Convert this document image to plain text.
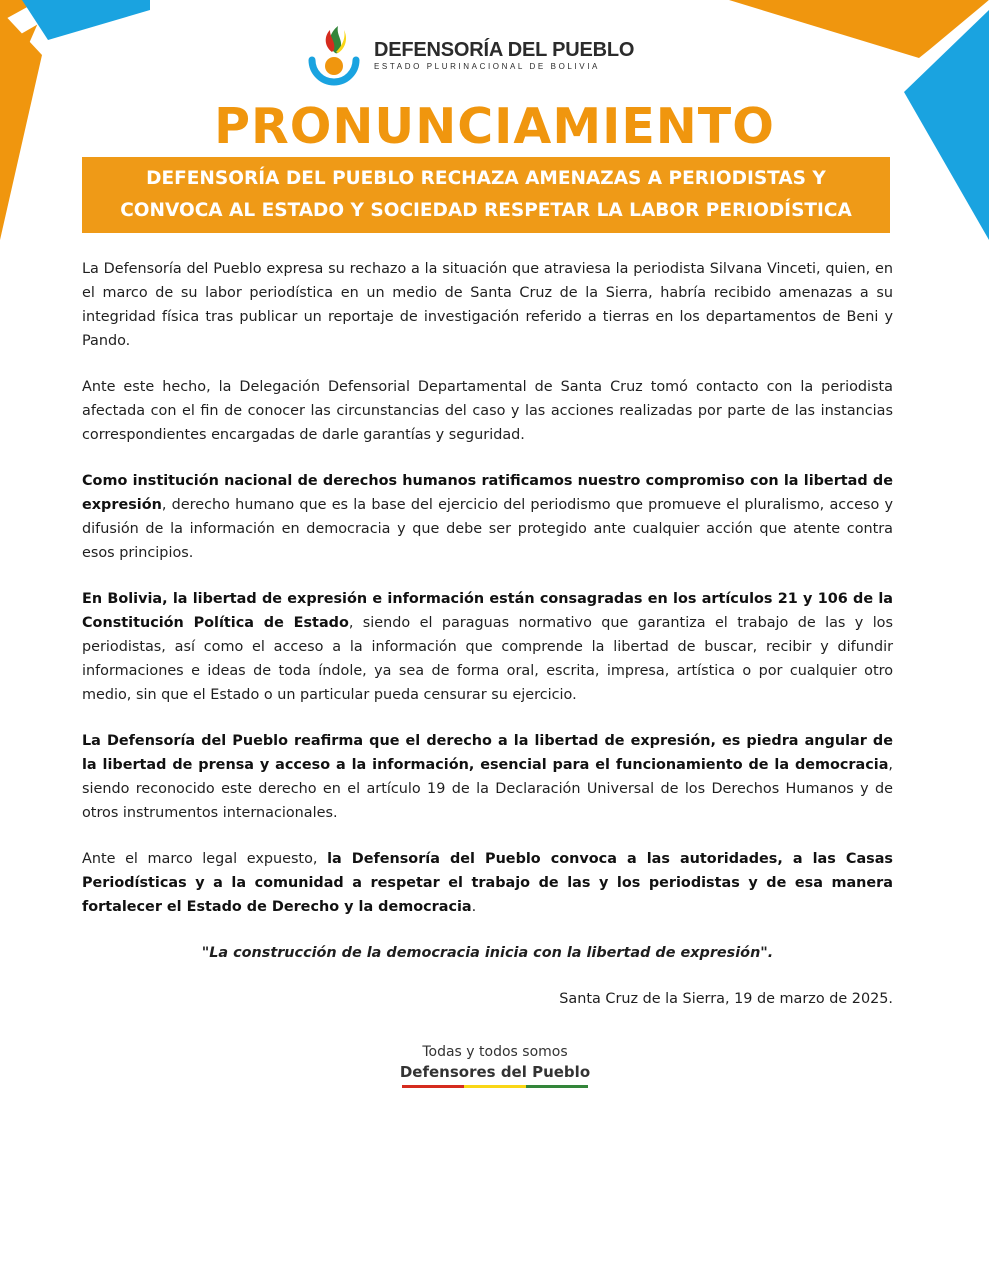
DEFENSORÍA DEL PUEBLO
ESTADO PLURINACIONAL DE BOLIVIA
PRONUNCIAMIENTO
DEFENSORÍA DEL PUEBLO RECHAZA AMENAZAS A PERIODISTAS Y
CONVOCA AL ESTADO Y SOCIEDAD RESPETAR LA LABOR PERIODÍSTICA

La Defensoría del Pueblo expresa su rechazo a la situación que atraviesa la periodista Silvana Vinceti, quien, en el marco de su labor periodística en un medio de Santa Cruz de la Sierra, habría recibido amenazas a su integridad física tras publicar un reportaje de investigación referido a tierras en los departamentos de Beni y Pando.

Ante este hecho, la Delegación Defensorial Departamental de Santa Cruz tomó contacto con la periodista afectada con el fin de conocer las circunstancias del caso y las acciones realizadas por parte de las instancias correspondientes encargadas de darle garantías y seguridad.

Como institución nacional de derechos humanos ratificamos nuestro compromiso con la libertad de expresión, derecho humano que es la base del ejercicio del periodismo que promueve el pluralismo, acceso y difusión de la información en democracia y que debe ser protegido ante cualquier acción que atente contra esos principios.

En Bolivia, la libertad de expresión e información están consagradas en los artículos 21 y 106 de la Constitución Política de Estado, siendo el paraguas normativo que garantiza el trabajo de las y los periodistas, así como el acceso a la información que comprende la libertad de buscar, recibir y difundir informaciones e ideas de toda índole, ya sea de forma oral, escrita, impresa, artística o por cualquier otro medio, sin que el Estado o un particular pueda censurar su ejercicio.

La Defensoría del Pueblo reafirma que el derecho a la libertad de expresión, es piedra angular de la libertad de prensa y acceso a la información, esencial para el funcionamiento de la democracia, siendo reconocido este derecho en el artículo 19 de la Declaración Universal de los Derechos Humanos y de otros instrumentos internacionales.

Ante el marco legal expuesto, la Defensoría del Pueblo convoca a las autoridades, a las Casas Periodísticas y a la comunidad a respetar el trabajo de las y los periodistas y de esa manera fortalecer el Estado de Derecho y la democracia.

"La construcción de la democracia inicia con la libertad de expresión".

Santa Cruz de la Sierra, 19 de marzo de 2025.

Todas y todos somos
Defensores del Pueblo
